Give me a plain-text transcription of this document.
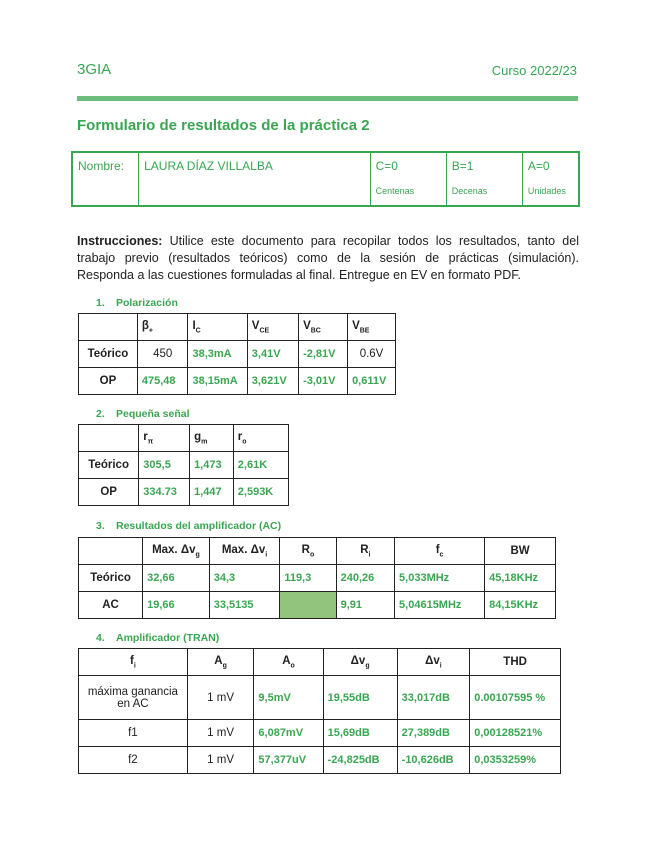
3GIA	Curso 2022/23
Formulario de resultados de la práctica 2
Nombre:	LAURA DÍAZ VILLALBA	C=0
Centenas
	B=1
Decenas
	A=0
Unidades
Instrucciones: Utilice este documento para recopilar todos los resultados, tanto del trabajo previo (resultados teóricos) como de la sesión de prácticas (simulación). Responda a las cuestiones formuladas al final. Entregue en EV en formato PDF.
1. Polarización
	$\beta_+$	$I_C$	$V_{CE}$	$V_{BC}$	$V_{BE}$
Teórico	450	38,3mA	3,41V	-2,81V	0.6V
OP	475,48	38,15mA	3,621V	-3,01V	0,611V
2. Pequeña señal
	$r_\pi$	$g_m$	$r_o$
Teórico	305,5	1,473	2,61K
OP	334.73	1,447	2,593K
3. Resultados del amplificador (AC)
	Max. $\Delta v_g$	Max. $\Delta v_i$	$R_o$	$R_i$	$f_c$	BW
Teórico	32,66	34,3	119,3	240,26	5,033MHz	45,18KHz
AC	19,66	33,5135		9,91	5,04615MHz	84,15KHz
4. Amplificador (TRAN)
$f_i$	$A_g$	$A_o$	$\Delta v_g$	$\Delta v_i$	THD
máxima ganancia en AC	1 mV	9,5mV	19,55dB	33,017dB	0.00107595 %
f1	1 mV	6,087mV	15,69dB	27,389dB	0,00128521%
f2	1 mV	57,377uV	-24,825dB	-10,626dB	0,0353259%
